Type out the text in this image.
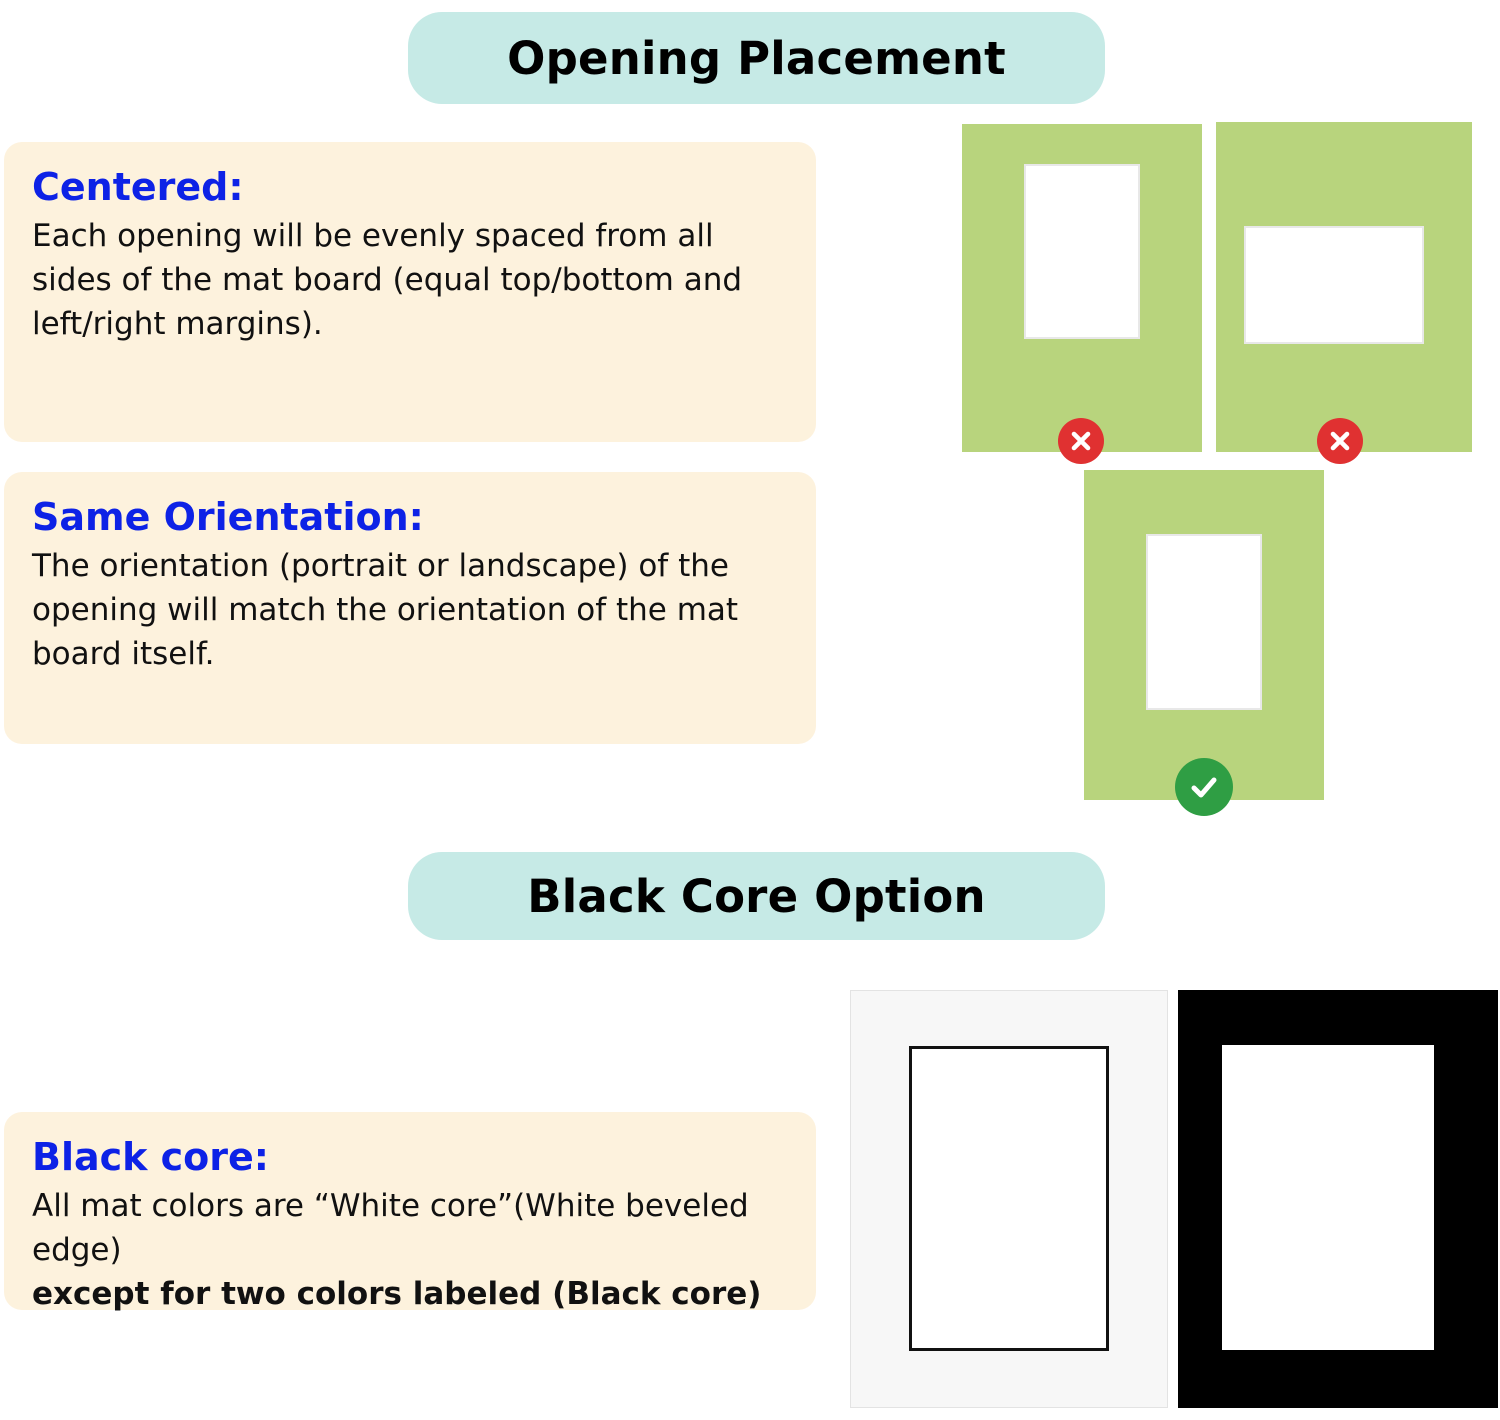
Opening Placement

Centered:

Each opening will be evenly spaced from all sides of the mat board (equal top/bottom and left/right margins).

Same Orientation:

The orientation (portrait or landscape) of the opening will match the orientation of the mat board itself.

Black Core Option

Black core:

All mat colors are “White core”(White beveled edge)

except for two colors labeled (Black core)
